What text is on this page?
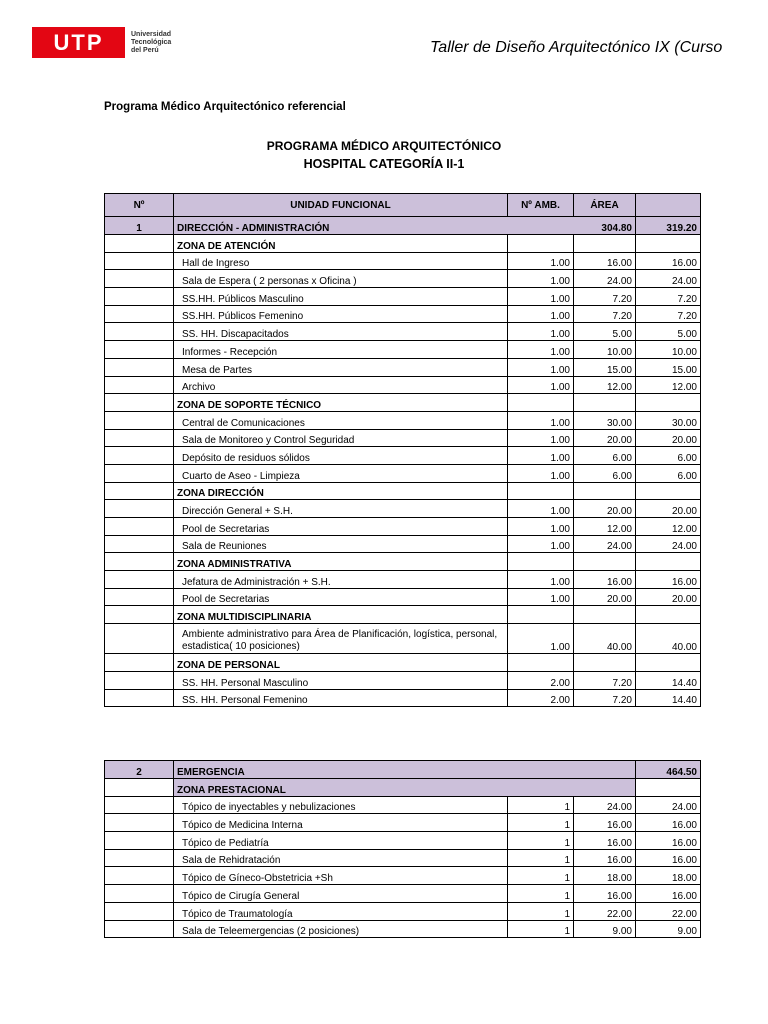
UTP	Universidad
Tecnológica
del Perú	Taller de Diseño Arquitectónico IX (Curso
Programa Médico Arquitectónico referencial
PROGRAMA MÉDICO ARQUITECTÓNICO
HOSPITAL CATEGORÍA II-1
Nº	UNIDAD FUNCIONAL	Nº AMB.	ÁREA	
1	DIRECCIÓN - ADMINISTRACIÓN		304.80	319.20
	ZONA DE ATENCIÓN			
	Hall de Ingreso	1.00	16.00	16.00
	Sala de Espera ( 2 personas x Oficina )	1.00	24.00	24.00
	SS.HH. Públicos Masculino	1.00	7.20	7.20
	SS.HH. Públicos Femenino	1.00	7.20	7.20
	SS. HH. Discapacitados	1.00	5.00	5.00
	Informes - Recepción	1.00	10.00	10.00
	Mesa de Partes	1.00	15.00	15.00
	Archivo	1.00	12.00	12.00
	ZONA DE SOPORTE TÉCNICO			
	Central de Comunicaciones	1.00	30.00	30.00
	Sala de Monitoreo y Control Seguridad	1.00	20.00	20.00
	Depósito de residuos sólidos	1.00	6.00	6.00
	Cuarto de Aseo - Limpieza	1.00	6.00	6.00
	ZONA DIRECCIÓN			
	Dirección General + S.H.	1.00	20.00	20.00
	Pool de Secretarias	1.00	12.00	12.00
	Sala de Reuniones	1.00	24.00	24.00
	ZONA ADMINISTRATIVA			
	Jefatura de Administración + S.H.	1.00	16.00	16.00
	Pool de Secretarias	1.00	20.00	20.00
	ZONA MULTIDISCIPLINARIA			
	Ambiente administrativo para Área de Planificación, logística, personal, estadistica( 10 posiciones)	1.00	40.00	40.00
	ZONA DE PERSONAL			
	SS. HH. Personal Masculino	2.00	7.20	14.40
	SS. HH. Personal Femenino	2.00	7.20	14.40
2	EMERGENCIA			464.50
	ZONA PRESTACIONAL			
	Tópico de inyectables y nebulizaciones	1	24.00	24.00
	Tópico de Medicina Interna	1	16.00	16.00
	Tópico de Pediatría	1	16.00	16.00
	Sala de Rehidratación	1	16.00	16.00
	Tópico de Gíneco-Obstetricia +Sh	1	18.00	18.00
	Tópico de Cirugía General	1	16.00	16.00
	Tópico de Traumatología	1	22.00	22.00
	Sala de Teleemergencias (2 posiciones)	1	9.00	9.00
